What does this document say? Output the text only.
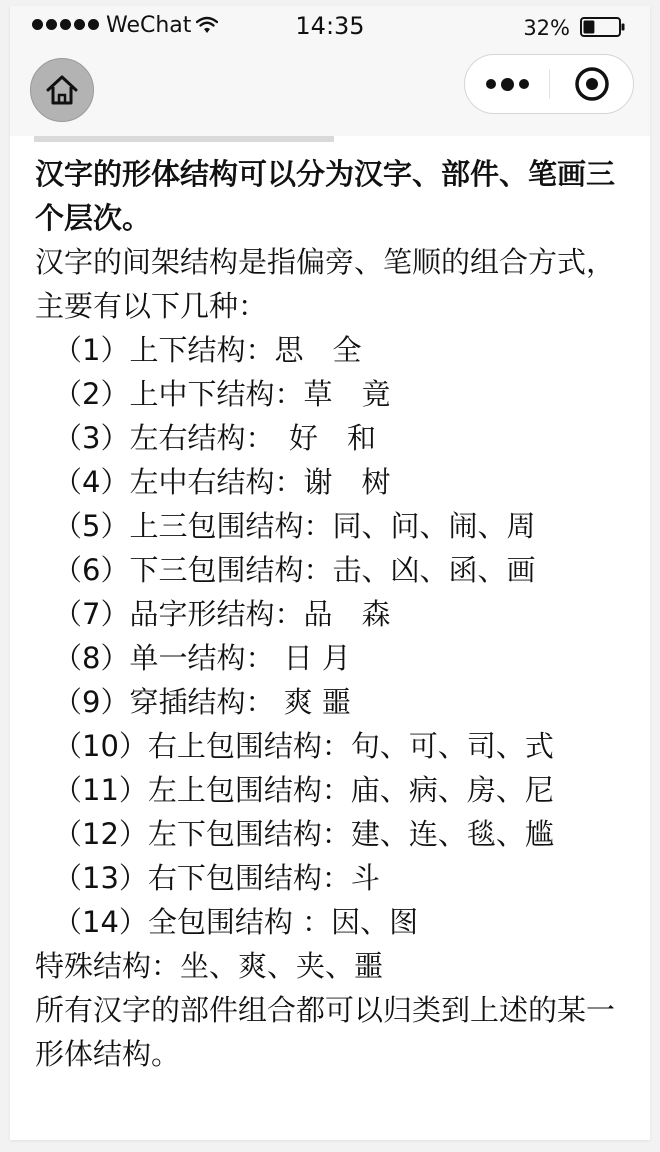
WeChat	14:35	32%

汉字的形体结构可以分为汉字、部件、笔画三个层次。

汉字的间架结构是指偏旁、笔顺的组合方式，主要有以下几种：

（1）上下结构：思　全

（2）上中下结构：草　竟

（3）左右结构：　好　和

（4）左中右结构：谢　树

（5）上三包围结构：同、问、闹、周

（6）下三包围结构：击、凶、函、画

（7）品字形结构：品　森

（8）单一结构： 日 月

（9）穿插结构： 爽 噩

（10）右上包围结构：句、可、司、式

（11）左上包围结构：庙、病、房、尼

（12）左下包围结构：建、连、毯、尴

（13）右下包围结构：斗

（14）全包围结构 ：因、图

特殊结构：坐、爽、夹、噩

所有汉字的部件组合都可以归类到上述的某一形体结构。
